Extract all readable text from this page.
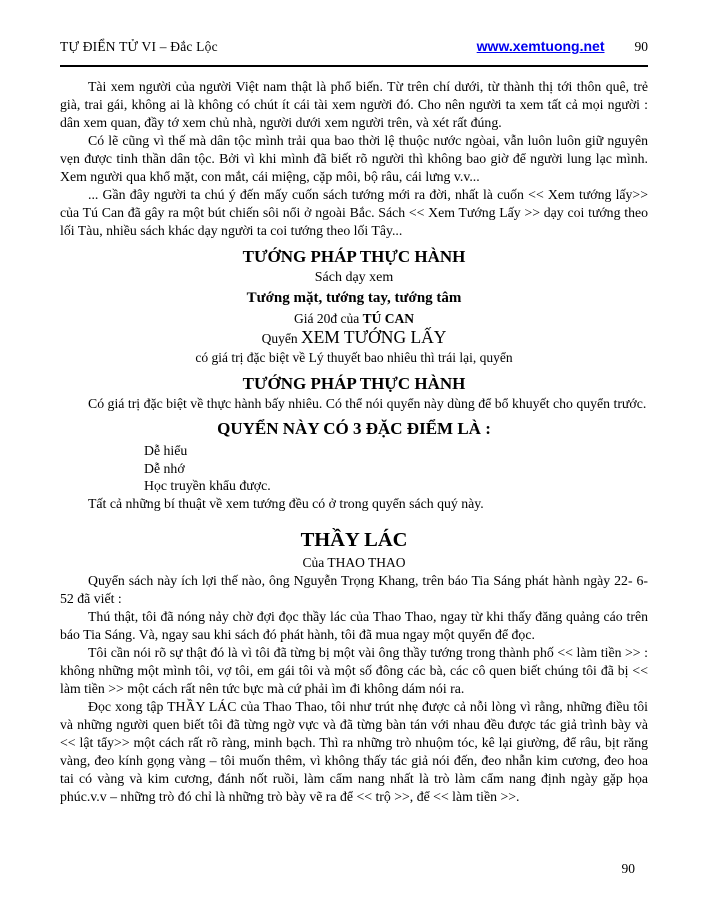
TỰ ĐIỂN TỬ VI – Đắc Lộc	www.xemtuong.net 90

Tài xem người của người Việt nam thật là phổ biến. Từ trên chí dưới, từ thành thị tới thôn quê, trẻ già, trai gái, không ai là không có chút ít cái tài xem người đó. Cho nên người ta xem tất cả mọi người : dân xem quan, đầy tớ xem chủ nhà, người dưới xem người trên, và xét rất đúng.

Có lẽ cũng vì thế mà dân tộc mình trải qua bao thời lệ thuộc nước ngòai, vẫn luôn luôn giữ nguyên vẹn được tinh thần dân tộc. Bởi vì khi mình đã biết rõ người thì không bao giờ để người lung lạc mình. Xem người qua khổ mặt, con mắt, cái miệng, cặp môi, bộ râu, cái lưng v.v...

... Gần đây người ta chú ý đến mấy cuốn sách tướng mới ra đời, nhất là cuốn << Xem tướng lấy>> của Tú Can đã gây ra một bút chiến sôi nổi ở ngoài Bắc. Sách << Xem Tướng Lấy >> dạy coi tướng theo lối Tàu, nhiều sách khác dạy người ta coi tướng theo lối Tây...

TƯỚNG PHÁP THỰC HÀNH
Sách dạy xem
Tướng mặt, tướng tay, tướng tâm
Giá 20đ của TÚ CAN
Quyển XEM TƯỚNG LẤY
có giá trị đặc biệt về Lý thuyết bao nhiêu thì trái lại, quyển
TƯỚNG PHÁP THỰC HÀNH

Có giá trị đặc biệt về thực hành bấy nhiêu. Có thể nói quyển này dùng để bổ khuyết cho quyển trước.

QUYỂN NÀY CÓ 3 ĐẶC ĐIỂM LÀ :
Dễ hiểu
Dễ nhớ
Học truyền khẩu được.

Tất cả những bí thuật về xem tướng đều có ở trong quyển sách quý này.

THẦY LÁC
Của THAO THAO

Quyển sách này ích lợi thế nào, ông Nguyễn Trọng Khang, trên báo Tia Sáng phát hành ngày 22- 6-52 đã viết :

Thú thật, tôi đã nóng nảy chờ đợi đọc thầy lác của Thao Thao, ngay từ khi thấy đăng quảng cáo trên báo Tia Sáng. Và, ngay sau khi sách đó phát hành, tôi đã mua ngay một quyển để đọc.

Tôi cần nói rõ sự thật đó là vì tôi đã từng bị một vài ông thầy tướng trong thành phố << làm tiền >> : không những một mình tôi, vợ tôi, em gái tôi và một số đông các bà, các cô quen biết chúng tôi đã bị << làm tiền >> một cách rất nên tức bực mà cứ phải ìm đi không dám nói ra.

Đọc xong tập THẦY LÁC của Thao Thao, tôi như trút nhẹ được cả nỗi lòng vì rằng, những điều tôi và những người quen biết tôi đã từng ngờ vực và đã từng bàn tán với nhau đều được tác giả trình bày và << lật tẩy>> một cách rất rõ ràng, minh bạch. Thì ra những trò nhuộm tóc, kê lại giường, để râu, bịt răng vàng, đeo kính gọng vàng – tôi muốn thêm, vì không thấy tác giả nói đến, đeo nhẫn kim cương, đeo hoa tai có vàng và kim cương, đánh nốt ruồi, làm cẩm nang nhất là trò làm cẩm nang định ngày gặp họa phúc.v.v – những trò đó chỉ là những trò bày vẽ ra để << trộ >>, để << làm tiền >>.

90
